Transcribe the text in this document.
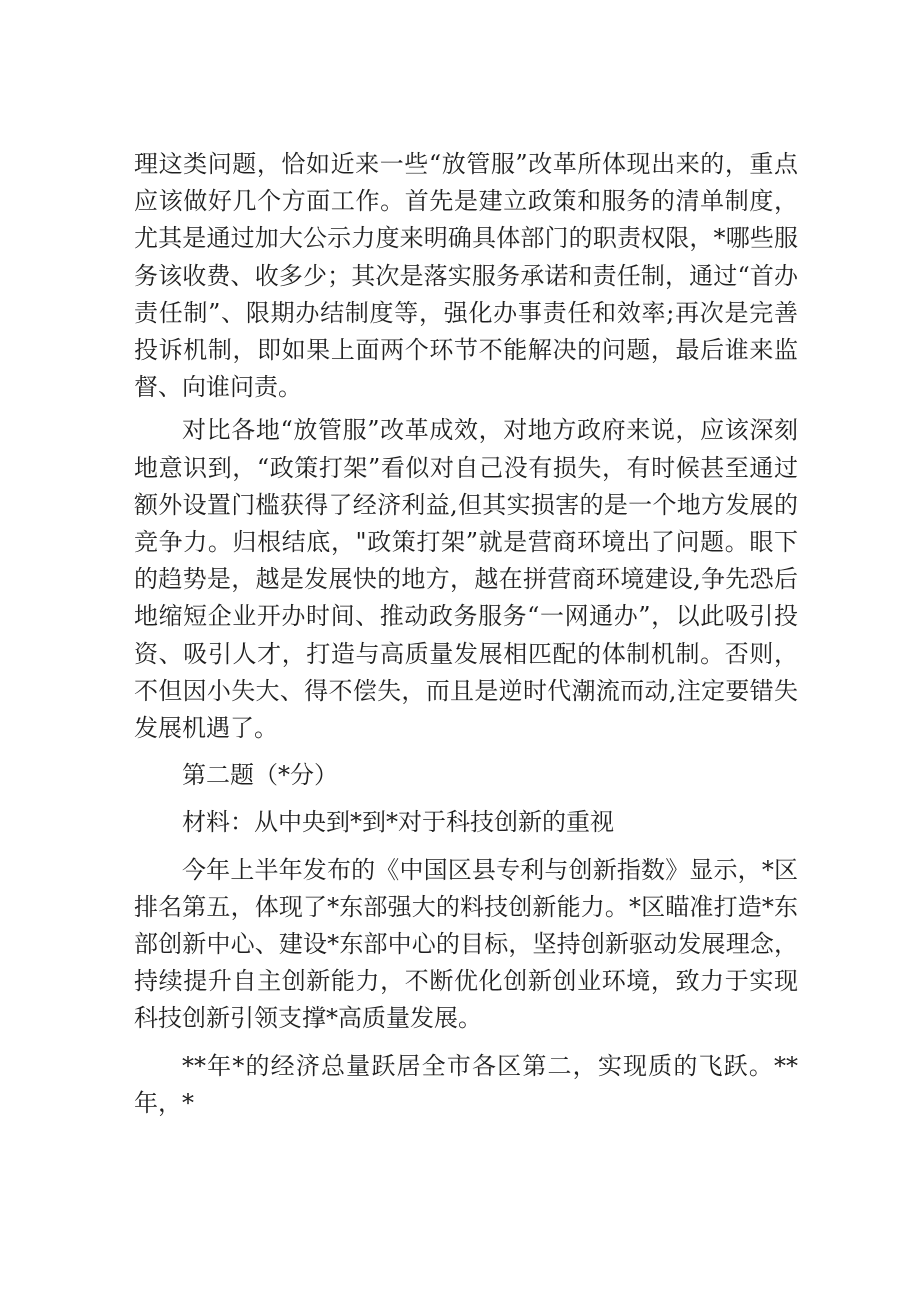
理这类问题，恰如近来一些“放管服”改革所体现出来的，重点应该做好几个方面工作。首先是建立政策和服务的清单制度，尤其是通过加大公示力度来明确具体部门的职责权限，*哪些服务该收费、收多少；其次是落实服务承诺和责任制，通过“首办责任制”、限期办结制度等，强化办事责任和效率;再次是完善投诉机制，即如果上面两个环节不能解决的问题，最后谁来监督、向谁问责。

对比各地“放管服”改革成效，对地方政府来说，应该深刻地意识到，“政策打架”看似对自己没有损失，有时候甚至通过额外设置门槛获得了经济利益,但其实损害的是一个地方发展的竞争力。归根结底，"政策打架”就是营商环境出了问题。眼下的趋势是，越是发展快的地方，越在拼营商环境建设,争先恐后地缩短企业开办时间、推动政务服务“一网通办”，以此吸引投资、吸引人才，打造与高质量发展相匹配的体制机制。否则，不但因小失大、得不偿失，而且是逆时代潮流而动,注定要错失发展机遇了。

第二题（*分）

材料：从中央到*到*对于科技创新的重视

今年上半年发布的《中国区县专利与创新指数》显示，*区排名第五，体现了*东部强大的料技创新能力。*区瞄准打造*东部创新中心、建设*东部中心的目标，坚持创新驱动发展理念，持续提升自主创新能力，不断优化创新创业环境，致力于实现科技创新引领支撑*高质量发展。

**年*的经济总量跃居全市各区第二，实现质的飞跃。**年，*
